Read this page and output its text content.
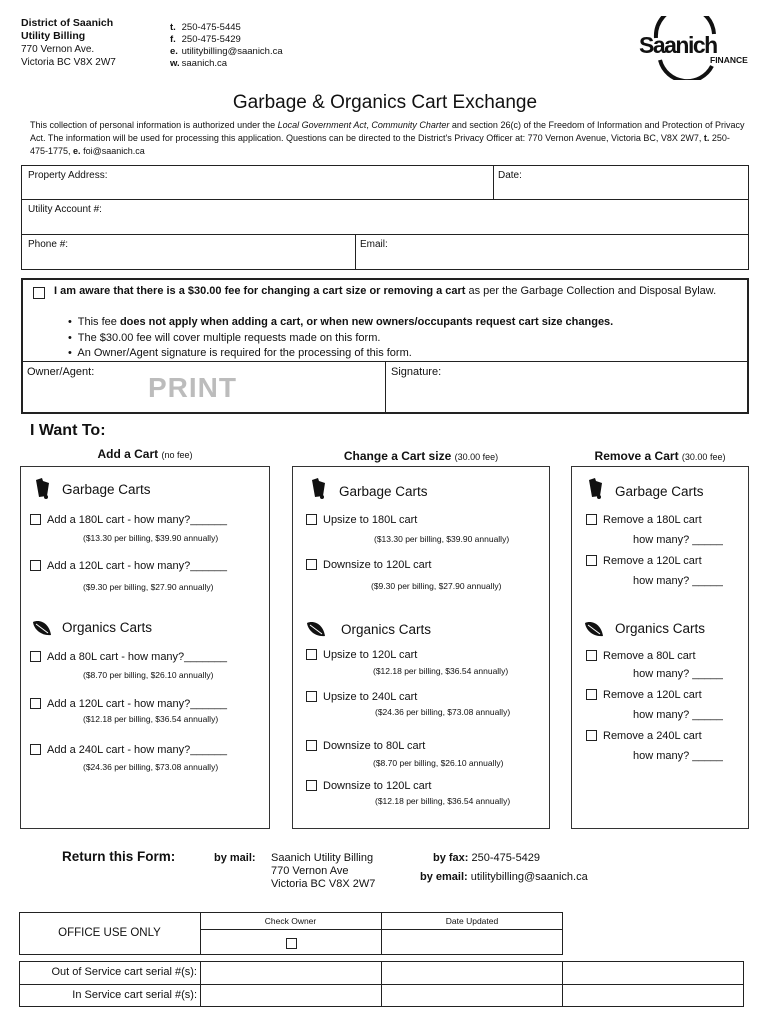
District of Saanich
Utility Billing
770 Vernon Ave.
Victoria BC V8X 2W7
t. 250-475-5445
f. 250-475-5429
e. utilitybilling@saanich.ca
w. saanich.ca
Saanich
FINANCE
Garbage & Organics Cart Exchange
This collection of personal information is authorized under the Local Government Act, Community Charter and section 26(c) of the Freedom of Information and Protection of Privacy Act. The information will be used for processing this application. Questions can be directed to the District's Privacy Officer at: 770 Vernon Avenue, Victoria BC, V8X 2W7, t. 250-475-1775, e. foi@saanich.ca
Property Address:	Date:
Utility Account #:
Phone #:	Email:
I am aware that there is a $30.00 fee for changing a cart size or removing a cart as per the Garbage Collection and Disposal Bylaw.
•  This fee does not apply when adding a cart, or when new owners/occupants request cart size changes.
•  The $30.00 fee will cover multiple requests made on this form.
•  An Owner/Agent signature is required for the processing of this form.
Owner/Agent:	PRINT	Signature:
I Want To:
Add a Cart (no fee)	Change a Cart size (30.00 fee)	Remove a Cart (30.00 fee)
Garbage Carts
Add a 180L cart - how many?______
($13.30 per billing, $39.90 annually)
Add a 120L cart - how many?______
($9.30 per billing, $27.90 annually)
Organics Carts
Add a 80L cart - how many?_______
($8.70 per billing, $26.10 annually)
Add a 120L cart - how many?______
($12.18 per billing, $36.54 annually)
Add a 240L cart - how many?______
($24.36 per billing, $73.08 annually)
Garbage Carts
Upsize to 180L cart
($13.30 per billing, $39.90 annually)
Downsize to 120L cart
($9.30 per billing, $27.90 annually)
Organics Carts
Upsize to 120L cart
($12.18 per billing, $36.54 annually)
Upsize to 240L cart
($24.36 per billing, $73.08 annually)
Downsize to 80L cart
($8.70 per billing, $26.10 annually)
Downsize to 120L cart
($12.18 per billing, $36.54 annually)
Garbage Carts
Remove a 180L cart
how many? _____
Remove a 120L cart
how many? _____
Organics Carts
Remove a 80L cart
how many? _____
Remove a 120L cart
how many? _____
Remove a 240L cart
how many? _____
Return this Form:	by mail: Saanich Utility Billing
770 Vernon Ave
Victoria BC V8X 2W7
by fax: 250-475-5429
by email: utilitybilling@saanich.ca
OFFICE USE ONLY
Check Owner	Date Updated
Out of Service cart serial #(s):
In Service cart serial #(s):
